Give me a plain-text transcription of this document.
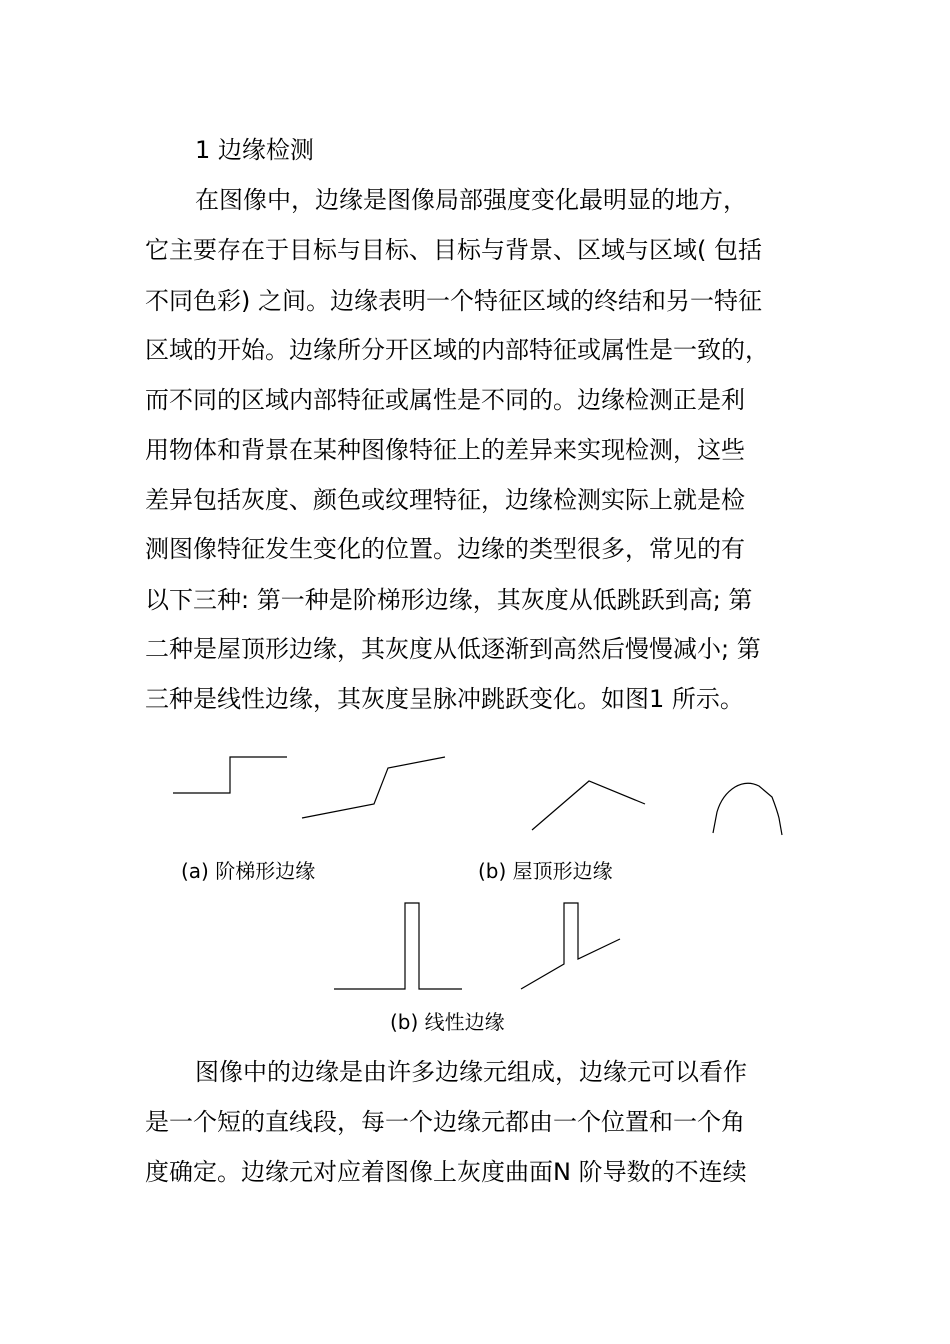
1 边缘检测
在图像中，边缘是图像局部强度变化最明显的地方，
它主要存在于目标与目标、目标与背景、区域与区域( 包括
不同色彩) 之间。边缘表明一个特征区域的终结和另一特征
区域的开始。边缘所分开区域的内部特征或属性是一致的，
而不同的区域内部特征或属性是不同的。边缘检测正是利
用物体和背景在某种图像特征上的差异来实现检测，这些
差异包括灰度、颜色或纹理特征，边缘检测实际上就是检
测图像特征发生变化的位置。边缘的类型很多，常见的有
以下三种: 第一种是阶梯形边缘，其灰度从低跳跃到高; 第
二种是屋顶形边缘，其灰度从低逐渐到高然后慢慢减小; 第
三种是线性边缘，其灰度呈脉冲跳跃变化。如图1 所示。
(a) 阶梯形边缘	(b) 屋顶形边缘
(b) 线性边缘
图像中的边缘是由许多边缘元组成，边缘元可以看作
是一个短的直线段，每一个边缘元都由一个位置和一个角
度确定。边缘元对应着图像上灰度曲面N 阶导数的不连续
